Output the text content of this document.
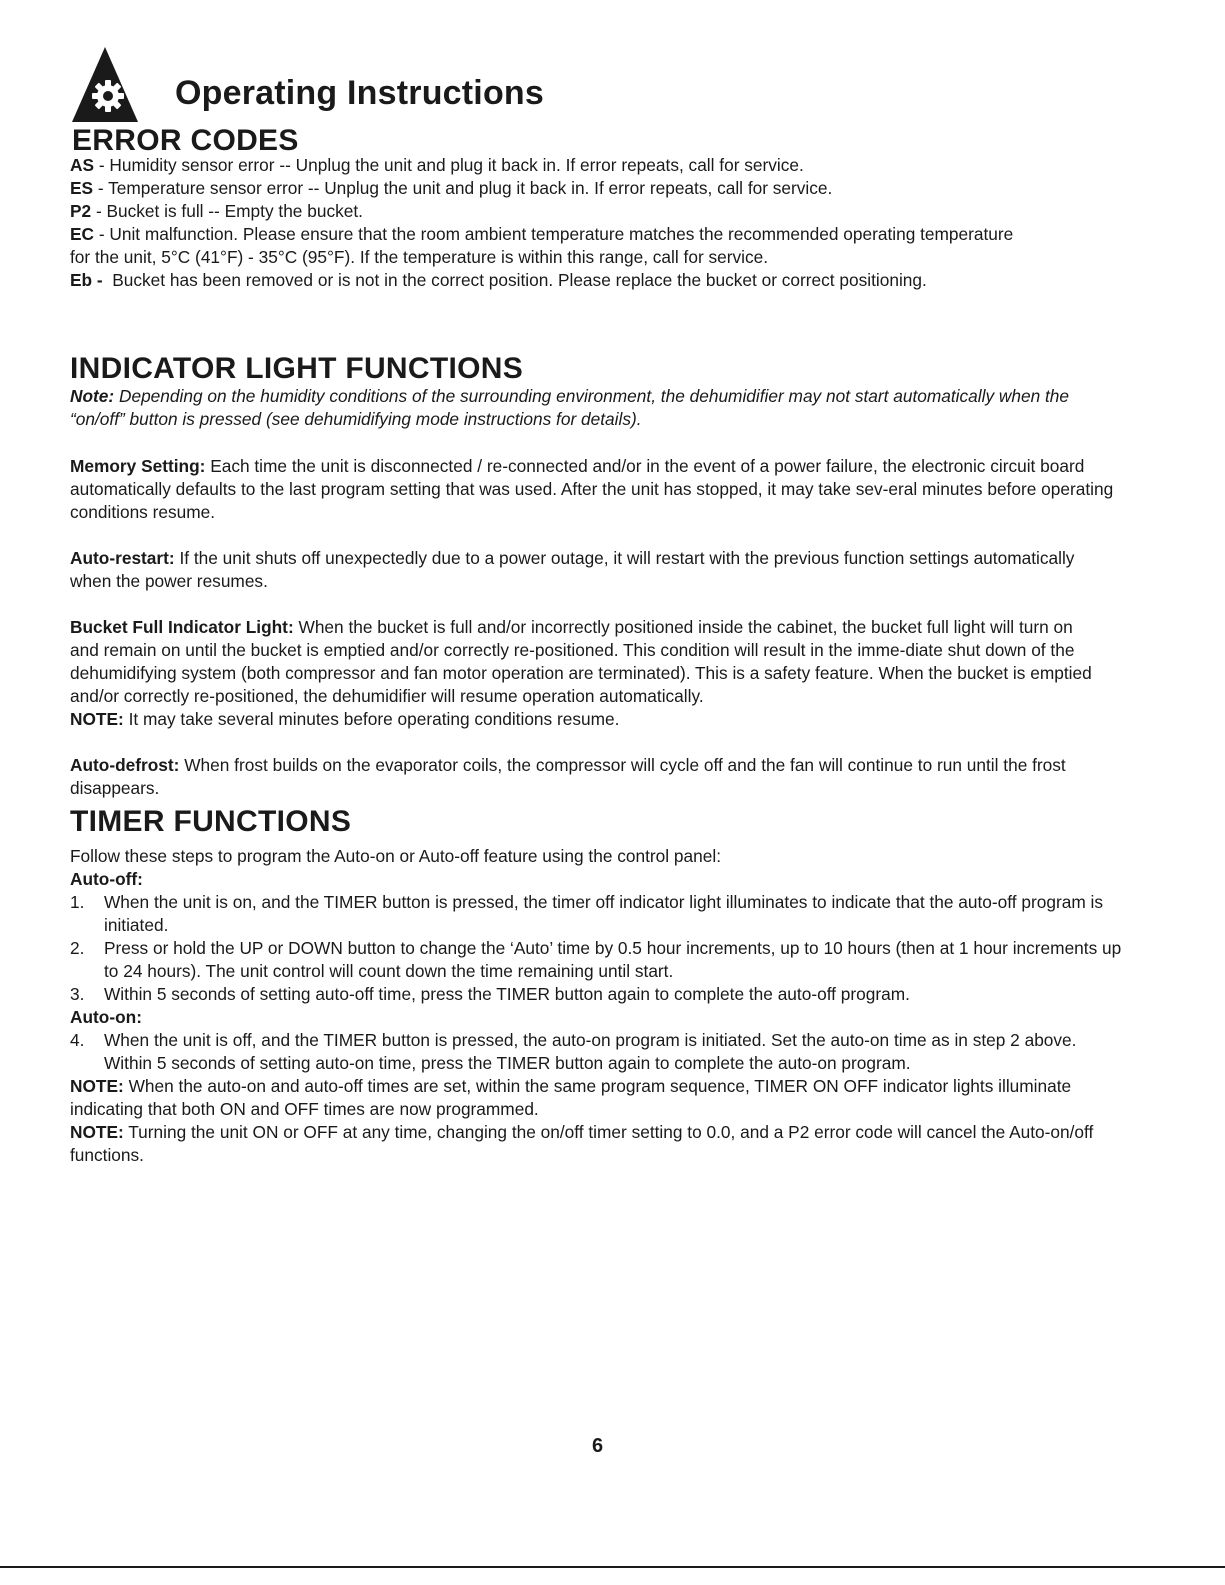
Operating Instructions
ERROR CODES

AS - Humidity sensor error -- Unplug the unit and plug it back in. If error repeats, call for service.

ES - Temperature sensor error -- Unplug the unit and plug it back in. If error repeats, call for service.

P2 - Bucket is full -- Empty the bucket.

EC - Unit malfunction. Please ensure that the room ambient temperature matches the recommended operating temperature for the unit, 5°C (41°F) - 35°C (95°F). If the temperature is within this range, call for service.

Eb - Bucket has been removed or is not in the correct position. Please replace the bucket or correct positioning.

INDICATOR LIGHT FUNCTIONS

Note: Depending on the humidity conditions of the surrounding environment, the dehumidifier may not start automatically when the “on/off” button is pressed (see dehumidifying mode instructions for details).

Memory Setting: Each time the unit is disconnected / re-connected and/or in the event of a power failure, the electronic circuit board automatically defaults to the last program setting that was used. After the unit has stopped, it may take sev-eral minutes before operating conditions resume.

Auto-restart: If the unit shuts off unexpectedly due to a power outage, it will restart with the previous function settings automatically when the power resumes.

Bucket Full Indicator Light: When the bucket is full and/or incorrectly positioned inside the cabinet, the bucket full light will turn on and remain on until the bucket is emptied and/or correctly re-positioned. This condition will result in the imme-diate shut down of the dehumidifying system (both compressor and fan motor operation are terminated). This is a safety feature. When the bucket is emptied and/or correctly re-positioned, the dehumidifier will resume operation automatically.

NOTE: It may take several minutes before operating conditions resume.

Auto-defrost: When frost builds on the evaporator coils, the compressor will cycle off and the fan will continue to run until the frost disappears.

TIMER FUNCTIONS

Follow these steps to program the Auto-on or Auto-off feature using the control panel:

Auto-off:

1. When the unit is on, and the TIMER button is pressed, the timer off indicator light illuminates to indicate that the auto-off program is initiated.
2. Press or hold the UP or DOWN button to change the ‘Auto’ time by 0.5 hour increments, up to 10 hours (then at 1 hour increments up to 24 hours). The unit control will count down the time remaining until start.
3. Within 5 seconds of setting auto-off time, press the TIMER button again to complete the auto-off program.

Auto-on:

4. When the unit is off, and the TIMER button is pressed, the auto-on program is initiated. Set the auto-on time as in step 2 above. Within 5 seconds of setting auto-on time, press the TIMER button again to complete the auto-on program.

NOTE: When the auto-on and auto-off times are set, within the same program sequence, TIMER ON OFF indicator lights illuminate indicating that both ON and OFF times are now programmed.

NOTE: Turning the unit ON or OFF at any time, changing the on/off timer setting to 0.0, and a P2 error code will cancel the Auto-on/off functions.

6
